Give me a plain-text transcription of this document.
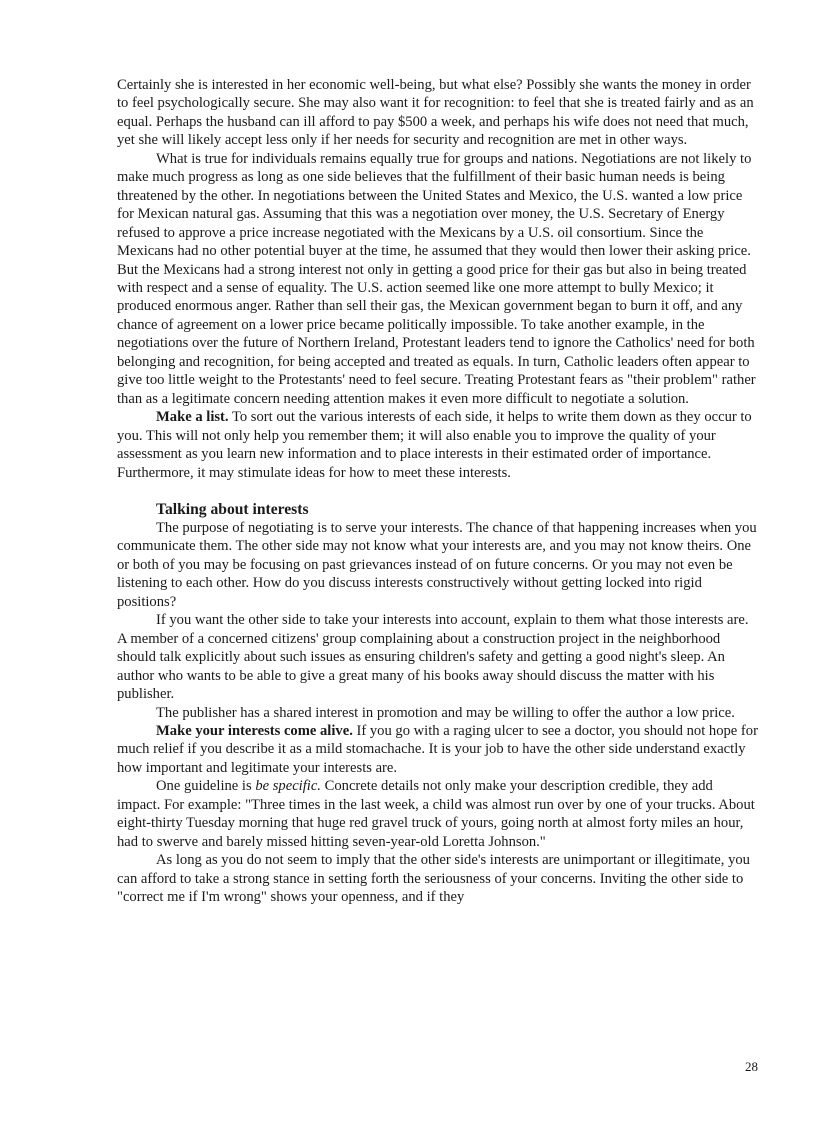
Certainly she is interested in her economic well-being, but what else? Possibly she wants the money in order to feel psychologically secure. She may also want it for recognition: to feel that she is treated fairly and as an equal. Perhaps the husband can ill afford to pay $500 a week, and perhaps his wife does not need that much, yet she will likely accept less only if her needs for security and recognition are met in other ways.

What is true for individuals remains equally true for groups and nations. Negotiations are not likely to make much progress as long as one side believes that the fulfillment of their basic human needs is being threatened by the other. In negotiations between the United States and Mexico, the U.S. wanted a low price for Mexican natural gas. Assuming that this was a negotiation over money, the U.S. Secretary of Energy refused to approve a price increase negotiated with the Mexicans by a U.S. oil consortium. Since the Mexicans had no other potential buyer at the time, he assumed that they would then lower their asking price. But the Mexicans had a strong interest not only in getting a good price for their gas but also in being treated with respect and a sense of equality. The U.S. action seemed like one more attempt to bully Mexico; it produced enormous anger. Rather than sell their gas, the Mexican government began to burn it off, and any chance of agreement on a lower price became politically impossible. To take another example, in the negotiations over the future of Northern Ireland, Protestant leaders tend to ignore the Catholics' need for both belonging and recognition, for being accepted and treated as equals. In turn, Catholic leaders often appear to give too little weight to the Protestants' need to feel secure. Treating Protestant fears as "their problem" rather than as a legitimate concern needing attention makes it even more difficult to negotiate a solution.

Make a list. To sort out the various interests of each side, it helps to write them down as they occur to you. This will not only help you remember them; it will also enable you to improve the quality of your assessment as you learn new information and to place interests in their estimated order of importance. Furthermore, it may stimulate ideas for how to meet these interests.

Talking about interests

The purpose of negotiating is to serve your interests. The chance of that happening increases when you communicate them. The other side may not know what your interests are, and you may not know theirs. One or both of you may be focusing on past grievances instead of on future concerns. Or you may not even be listening to each other. How do you discuss interests constructively without getting locked into rigid positions?

If you want the other side to take your interests into account, explain to them what those interests are. A member of a concerned citizens' group complaining about a construction project in the neighborhood should talk explicitly about such issues as ensuring children's safety and getting a good night's sleep. An author who wants to be able to give a great many of his books away should discuss the matter with his publisher.

The publisher has a shared interest in promotion and may be willing to offer the author a low price.

Make your interests come alive. If you go with a raging ulcer to see a doctor, you should not hope for much relief if you describe it as a mild stomachache. It is your job to have the other side understand exactly how important and legitimate your interests are.

One guideline is be specific. Concrete details not only make your description credible, they add impact. For example: "Three times in the last week, a child was almost run over by one of your trucks. About eight-thirty Tuesday morning that huge red gravel truck of yours, going north at almost forty miles an hour, had to swerve and barely missed hitting seven-year-old Loretta Johnson."

As long as you do not seem to imply that the other side's interests are unimportant or illegitimate, you can afford to take a strong stance in setting forth the seriousness of your concerns. Inviting the other side to "correct me if I'm wrong" shows your openness, and if they

28
